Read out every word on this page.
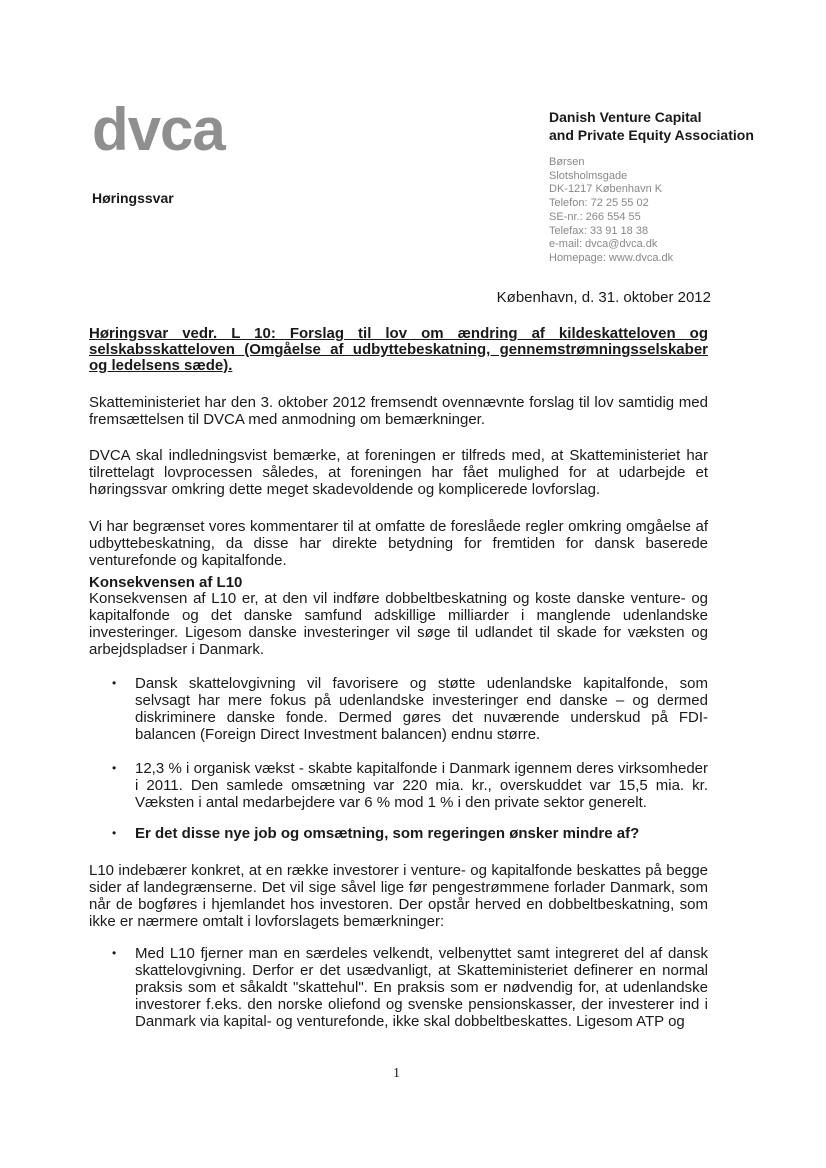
dvca
Høringssvar
Danish Venture Capital
and Private Equity Association
Børsen
Slotsholmsgade
DK-1217 København K
Telefon: 72 25 55 02
SE-nr.: 266 554 55
Telefax: 33 91 18 38
e-mail: dvca@dvca.dk
Homepage: www.dvca.dk
København, d. 31. oktober 2012
Høringsvar vedr. L 10: Forslag til lov om ændring af kildeskatteloven og selskabsskatteloven (Omgåelse af udbyttebeskatning, gennemstrømningsselskaber og ledelsens sæde).
Skatteministeriet har den 3. oktober 2012 fremsendt ovennævnte forslag til lov samtidig med fremsættelsen til DVCA med anmodning om bemærkninger.
DVCA skal indledningsvist bemærke, at foreningen er tilfreds med, at Skatteministeriet har tilrettelagt lovprocessen således, at foreningen har fået mulighed for at udarbejde et høringssvar omkring dette meget skadevoldende og komplicerede lovforslag.
Vi har begrænset vores kommentarer til at omfatte de foreslåede regler omkring omgåelse af udbyttebeskatning, da disse har direkte betydning for fremtiden for dansk baserede venturefonde og kapitalfonde.
Konsekvensen af L10
Konsekvensen af L10 er, at den vil indføre dobbeltbeskatning og koste danske venture- og kapitalfonde og det danske samfund adskillige milliarder i manglende udenlandske investeringer. Ligesom danske investeringer vil søge til udlandet til skade for væksten og arbejdspladser i Danmark.
•	Dansk skattelovgivning vil favorisere og støtte udenlandske kapitalfonde, som selvsagt har mere fokus på udenlandske investeringer end danske – og dermed diskriminere danske fonde. Dermed gøres det nuværende underskud på FDI-balancen (Foreign Direct Investment balancen) endnu større.
•	12,3 % i organisk vækst - skabte kapitalfonde i Danmark igennem deres virksomheder i 2011. Den samlede omsætning var 220 mia. kr., overskuddet var 15,5 mia. kr. Væksten i antal medarbejdere var 6 % mod 1 % i den private sektor generelt.
•	Er det disse nye job og omsætning, som regeringen ønsker mindre af?
L10 indebærer konkret, at en række investorer i venture- og kapitalfonde beskattes på begge sider af landegrænserne. Det vil sige såvel lige før pengestrømmene forlader Danmark, som når de bogføres i hjemlandet hos investoren. Der opstår herved en dobbeltbeskatning, som ikke er nærmere omtalt i lovforslagets bemærkninger:
•	Med L10 fjerner man en særdeles velkendt, velbenyttet samt integreret del af dansk skattelovgivning. Derfor er det usædvanligt, at Skatteministeriet definerer en normal praksis som et såkaldt "skattehul". En praksis som er nødvendig for, at udenlandske investorer f.eks. den norske oliefond og svenske pensionskasser, der investerer ind i Danmark via kapital- og venturefonde, ikke skal dobbeltbeskattes. Ligesom ATP og
1
